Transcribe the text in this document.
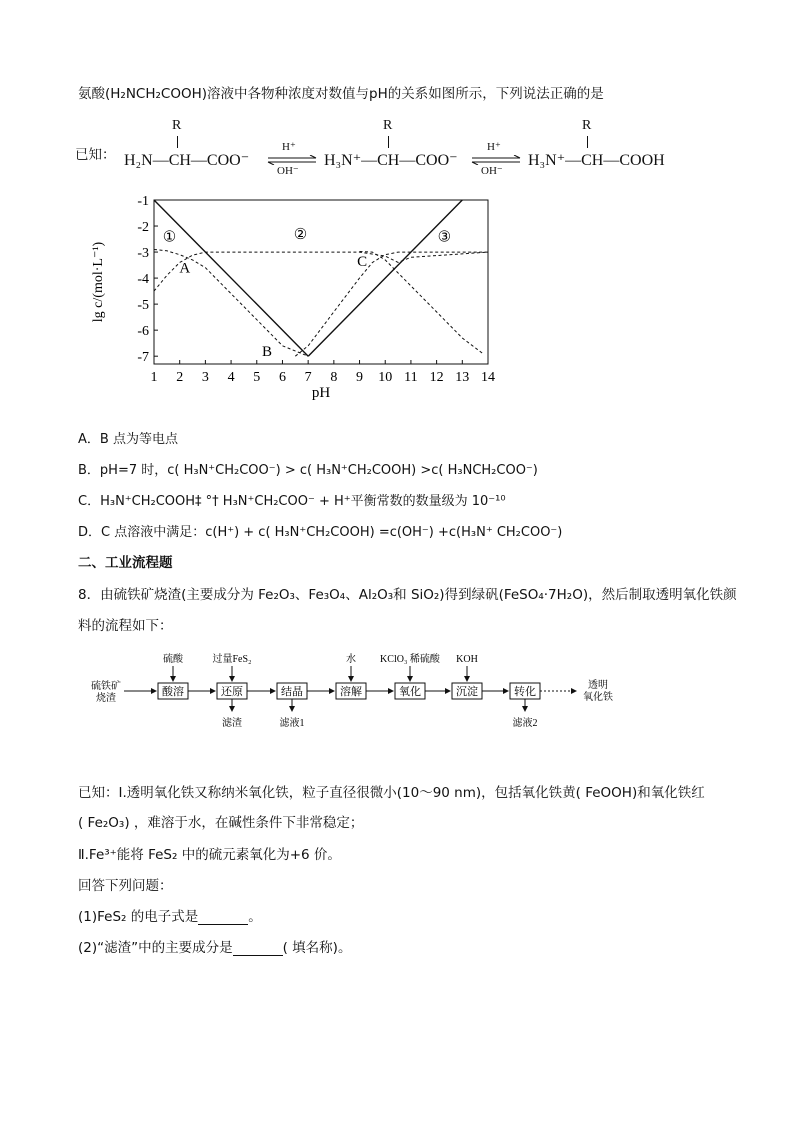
氨酸(H₂NCH₂COOH)溶液中各物种浓度对数值与pH的关系如图所示，下列说法正确的是
已知：
R
H₂N—CH—COO⁻
H⁺
OH⁻
R
H₃N⁺—CH—COO⁻
H⁺
OH⁻
R
H₃N⁺—CH—COOH
1 2 3 4 5 6 7 8 9 10 11 12 13 14
-1
-2
-3
-4
-5
-6
-7
pH
lg c/(mol·L⁻¹)
①	②	③
A
B
C
A．B 点为等电点
B．pH=7 时，c( H₃N⁺CH₂COO⁻) > c( H₃N⁺CH₂COOH) >c( H₃NCH₂COO⁻)
C．H₃N⁺CH₂COOH‡ °† H₃N⁺CH₂COO⁻ + H⁺平衡常数的数量级为 10⁻¹⁰
D．C 点溶液中满足：c(H⁺) + c( H₃N⁺CH₂COOH) =c(OH⁻) +c(H₃N⁺ CH₂COO⁻)
二、工业流程题
8．由硫铁矿烧渣(主要成分为 Fe₂O₃、Fe₃O₄、Al₂O₃和 SiO₂)得到绿矾(FeSO₄·7H₂O)，然后制取透明氧化铁颜
料的流程如下：
硫铁矿
烧渣
酸溶	还原	结晶	溶解	氧化	沉淀	转化
透明
氧化铁
硫酸	过量FeS₂	水 KClO₃ 稀硫酸 KOH
滤渣	滤液1	滤液2
已知：Ⅰ.透明氧化铁又称纳米氧化铁，粒子直径很微小(10～90 nm)，包括氧化铁黄( FeOOH)和氧化铁红
( Fe₂O₃) ，难溶于水，在碱性条件下非常稳定；
Ⅱ.Fe³⁺能将 FeS₂ 中的硫元素氧化为+6 价。
回答下列问题：
(1)FeS₂ 的电子式是	。
(2)“滤渣”中的主要成分是	( 填名称)。
